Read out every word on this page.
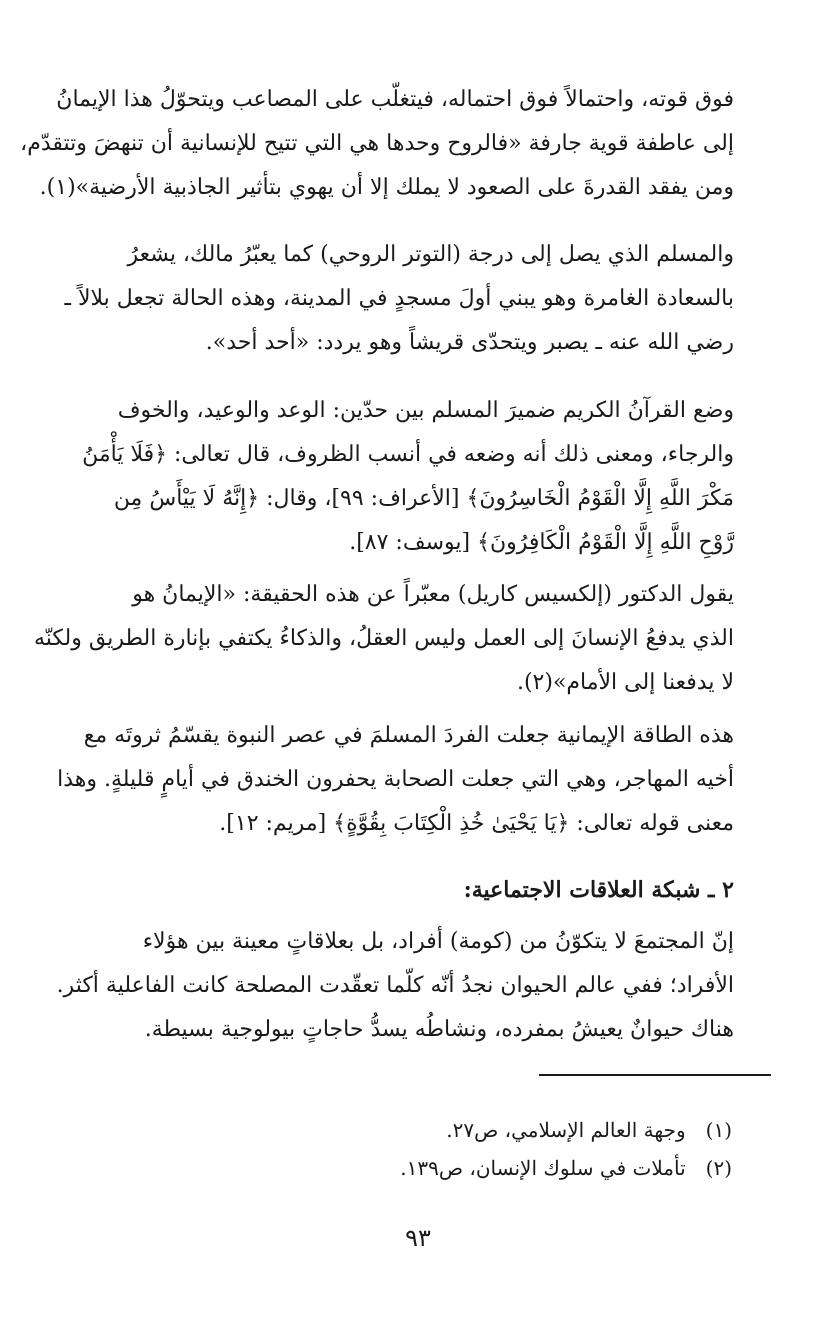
فوق قوته، واحتمالاً فوق احتماله، فيتغلّب على المصاعب ويتحوّلُ هذا الإيمانُ
إلى عاطفة قوية جارفة «فالروح وحدها هي التي تتيح للإنسانية أن تنهضَ وتتقدّم،
ومن يفقد القدرةَ على الصعود لا يملك إلا أن يهوي بتأثير الجاذبية الأرضية»(١).
والمسلم الذي يصل إلى درجة (التوتر الروحي) كما يعبّرُ مالك، يشعرُ
بالسعادة الغامرة وهو يبني أولَ مسجدٍ في المدينة، وهذه الحالة تجعل بلالاً ـ
رضي الله عنه ـ يصبر ويتحدّى قريشاً وهو يردد: «أحد أحد».
وضع القرآنُ الكريم ضميرَ المسلم بين حدّين: الوعد والوعيد، والخوف
والرجاء، ومعنى ذلك أنه وضعه في أنسب الظروف، قال تعالى: ﴿فَلَا يَأْمَنُ
مَكْرَ اللَّهِ إِلَّا الْقَوْمُ الْخَاسِرُونَ﴾ [الأعراف: ٩٩]، وقال: ﴿إِنَّهُ لَا يَيْأَسُ مِن
رَّوْحِ اللَّهِ إِلَّا الْقَوْمُ الْكَافِرُونَ﴾ [يوسف: ٨٧].
يقول الدكتور (إلكسيس كاريل) معبّراً عن هذه الحقيقة: «الإيمانُ هو
الذي يدفعُ الإنسانَ إلى العمل وليس العقلُ، والذكاءُ يكتفي بإنارة الطريق ولكنّه
لا يدفعنا إلى الأمام»(٢).
هذه الطاقة الإيمانية جعلت الفردَ المسلمَ في عصر النبوة يقسّمُ ثروتَه مع
أخيه المهاجر، وهي التي جعلت الصحابة يحفرون الخندق في أيامٍ قليلةٍ. وهذا
معنى قوله تعالى: ﴿يَا يَحْيَىٰ خُذِ الْكِتَابَ بِقُوَّةٍ﴾ [مريم: ١٢].
٢ ـ شبكة العلاقات الاجتماعية:
إنّ المجتمعَ لا يتكوّنُ من (كومة) أفراد، بل بعلاقاتٍ معينة بين هؤلاء
الأفراد؛ ففي عالم الحيوان نجدُ أنّه كلّما تعقّدت المصلحة كانت الفاعلية أكثر.
هناك حيوانٌ يعيشُ بمفرده، ونشاطُه يسدُّ حاجاتٍ بيولوجية بسيطة.
(١) وجهة العالم الإسلامي، ص٢٧.
(٢) تأملات في سلوك الإنسان، ص١٣٩.
٩٣
